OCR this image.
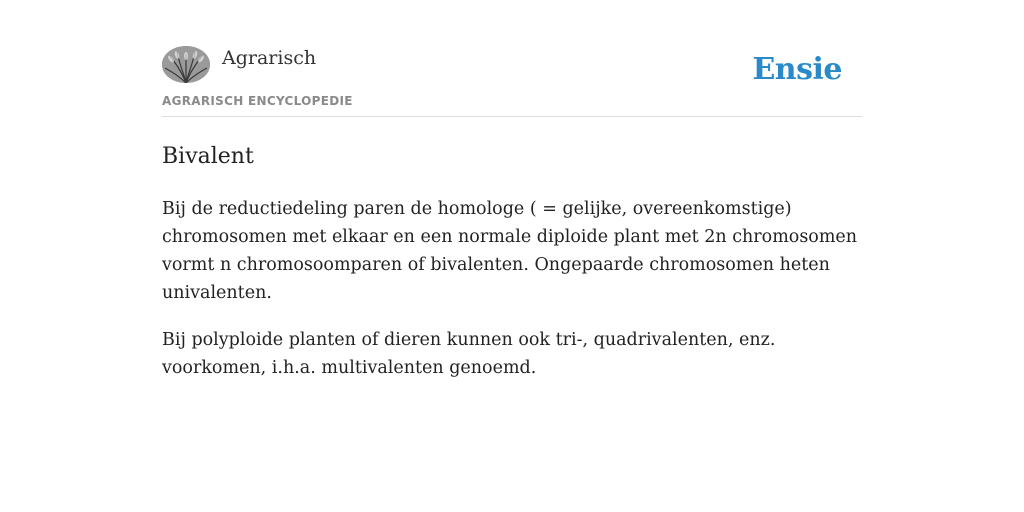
Agrarisch
AGRARISCH ENCYCLOPEDIE
Ensie
Bivalent

Bij de reductiedeling paren de homologe ( = gelijke, overeenkomstige) chromosomen met elkaar en een normale diploide plant met 2n chromosomen vormt n chromosoomparen of bivalenten. Ongepaarde chromosomen heten univalenten.

Bij polyploide planten of dieren kunnen ook tri-, quadrivalenten, enz. voorkomen, i.h.a. multivalenten genoemd.
